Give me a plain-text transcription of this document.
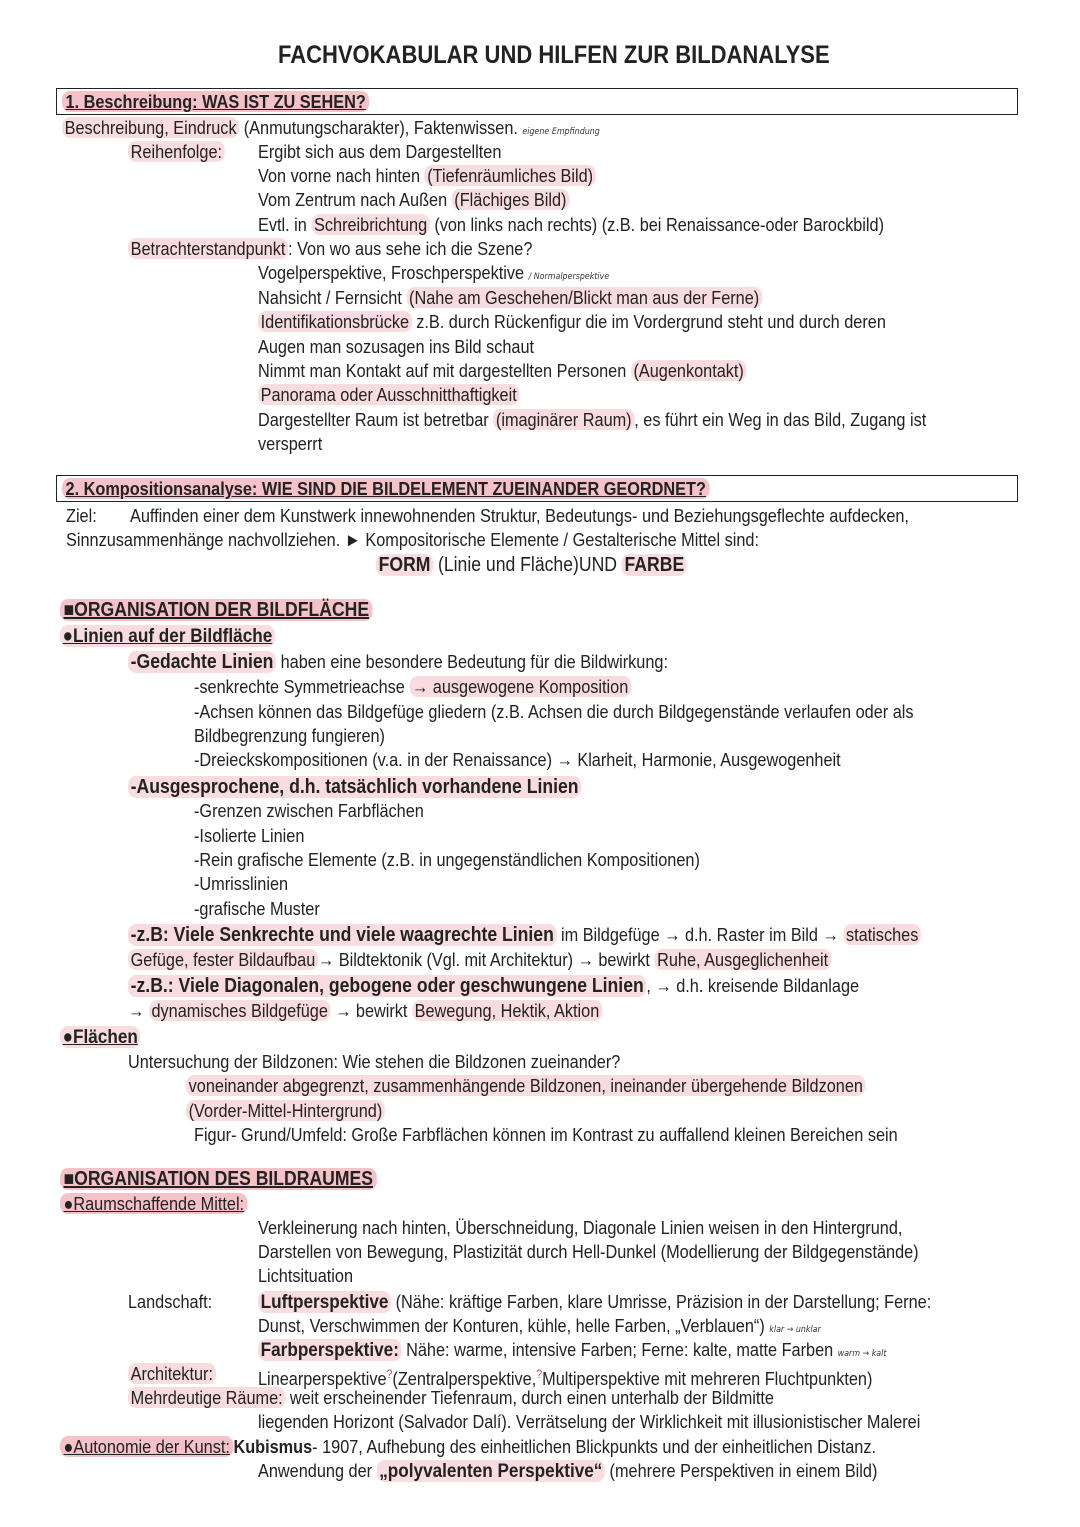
FACHVOKABULAR UND HILFEN ZUR BILDANALYSE
1. Beschreibung: WAS IST ZU SEHEN?
Beschreibung, Eindruck (Anmutungscharakter), Faktenwissen. eigene Empfindung
Reihenfolge: Ergibt sich aus dem Dargestellten
Von vorne nach hinten (Tiefenräumliches Bild)
Vom Zentrum nach Außen (Flächiges Bild)
Evtl. in Schreibrichtung (von links nach rechts) (z.B. bei Renaissance-oder Barockbild)
Betrachterstandpunkt : Von wo aus sehe ich die Szene?
Vogelperspektive, Froschperspektive / Normalperspektive
Nahsicht / Fernsicht (Nahe am Geschehen/Blickt man aus der Ferne)
Identifikationsbrücke z.B. durch Rückenfigur die im Vordergrund steht und durch deren
Augen man sozusagen ins Bild schaut
Nimmt man Kontakt auf mit dargestellten Personen (Augenkontakt)
Panorama oder Ausschnitthaftigkeit
Dargestellter Raum ist betretbar (imaginärer Raum) , es führt ein Weg in das Bild, Zugang ist
versperrt
2. Kompositionsanalyse: WIE SIND DIE BILDELEMENT ZUEINANDER GEORDNET?
Ziel: Auffinden einer dem Kunstwerk innewohnenden Struktur, Bedeutungs- und Beziehungsgeflechte aufdecken,
Sinnzusammenhänge nachvollziehen. ► Kompositorische Elemente / Gestalterische Mittel sind:
FORM (Linie und Fläche)UND FARBE
■ORGANISATION DER BILDFLÄCHE
●Linien auf der Bildfläche
-Gedachte Linien haben eine besondere Bedeutung für die Bildwirkung:
-senkrechte Symmetrieachse → ausgewogene Komposition
-Achsen können das Bildgefüge gliedern (z.B. Achsen die durch Bildgegenstände verlaufen oder als
Bildbegrenzung fungieren)
-Dreieckskompositionen (v.a. in der Renaissance) → Klarheit, Harmonie, Ausgewogenheit
-Ausgesprochene, d.h. tatsächlich vorhandene Linien
-Grenzen zwischen Farbflächen
-Isolierte Linien
-Rein grafische Elemente (z.B. in ungegenständlichen Kompositionen)
-Umrisslinien
-grafische Muster
-z.B: Viele Senkrechte und viele waagrechte Linien im Bildgefüge → d.h. Raster im Bild → statisches
Gefüge, fester Bildaufbau → Bildtektonik (Vgl. mit Architektur) → bewirkt Ruhe, Ausgeglichenheit
-z.B.: Viele Diagonalen, gebogene oder geschwungene Linien , → d.h. kreisende Bildanlage
→ dynamisches Bildgefüge → bewirkt Bewegung, Hektik, Aktion
●Flächen
Untersuchung der Bildzonen: Wie stehen die Bildzonen zueinander?
voneinander abgegrenzt, zusammenhängende Bildzonen, ineinander übergehende Bildzonen
(Vorder-Mittel-Hintergrund)
Figur- Grund/Umfeld: Große Farbflächen können im Kontrast zu auffallend kleinen Bereichen sein
■ORGANISATION DES BILDRAUMES
●Raumschaffende Mittel:
Verkleinerung nach hinten, Überschneidung, Diagonale Linien weisen in den Hintergrund,
Darstellen von Bewegung, Plastizität durch Hell-Dunkel (Modellierung der Bildgegenstände)
Lichtsituation
Landschaft: Luftperspektive (Nähe: kräftige Farben, klare Umrisse, Präzision in der Darstellung; Ferne:
Dunst, Verschwimmen der Konturen, kühle, helle Farben, „Verblauen“) klar → unklar
Farbperspektive: Nähe: warme, intensive Farben; Ferne: kalte, matte Farben warm → kalt
Architektur: Linearperspektive?(Zentralperspektive,?Multiperspektive mit mehreren Fluchtpunkten)
Mehrdeutige Räume: weit erscheinender Tiefenraum, durch einen unterhalb der Bildmitte
liegenden Horizont (Salvador Dalí). Verrätselung der Wirklichkeit mit illusionistischer Malerei
●Autonomie der Kunst: Kubismus- 1907, Aufhebung des einheitlichen Blickpunkts und der einheitlichen Distanz.
Anwendung der „polyvalenten Perspektive“ (mehrere Perspektiven in einem Bild)
